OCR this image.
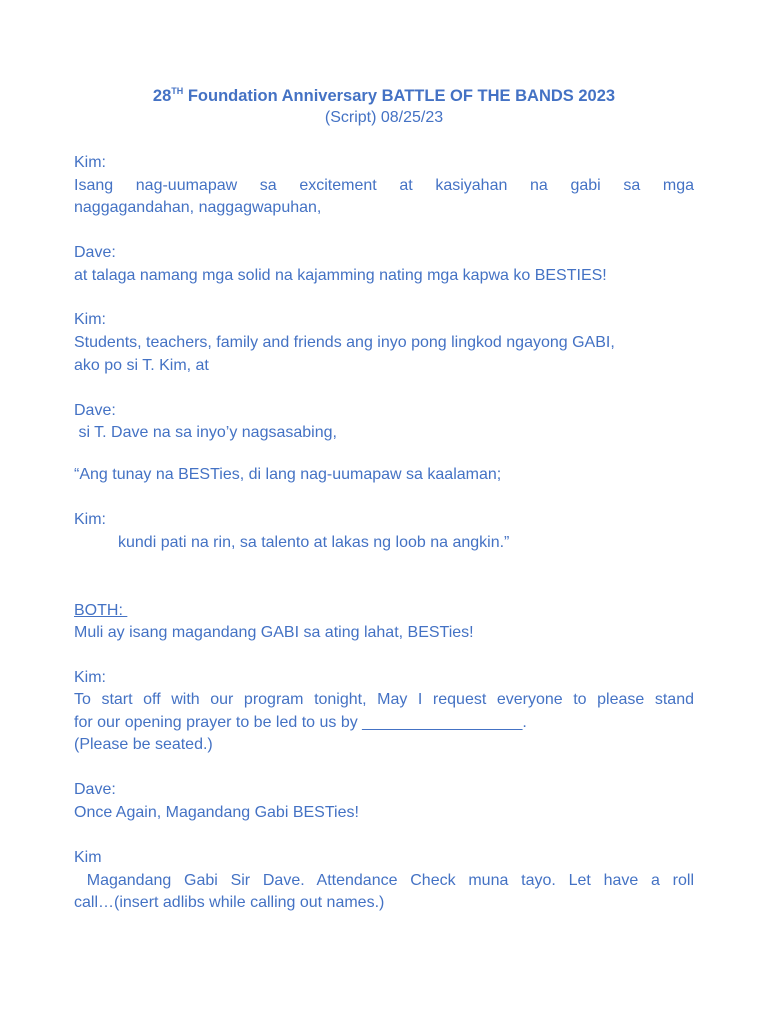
28TH Foundation Anniversary BATTLE OF THE BANDS 2023
(Script) 08/25/23
Kim:
Isang nag-uumapaw sa excitement at kasiyahan na gabi sa mga
naggagandahan, naggagwapuhan,
Dave:
at talaga namang mga solid na kajamming nating mga kapwa ko BESTIES!
Kim:
Students, teachers, family and friends ang inyo pong lingkod ngayong GABI,
ako po si T. Kim, at
Dave:
si T. Dave na sa inyo’y nagsasabing,
“Ang tunay na BESTies, di lang nag-uumapaw sa kaalaman;
Kim:
kundi pati na rin, sa talento at lakas ng loob na angkin.”
BOTH:
Muli ay isang magandang GABI sa ating lahat, BESTies!
Kim:
To start off with our program tonight, May I request everyone to please stand
for our opening prayer to be led to us by __________________.
(Please be seated.)
Dave:
Once Again, Magandang Gabi BESTies!
Kim
Magandang Gabi Sir Dave. Attendance Check muna tayo. Let have a roll
call…(insert adlibs while calling out names.)
